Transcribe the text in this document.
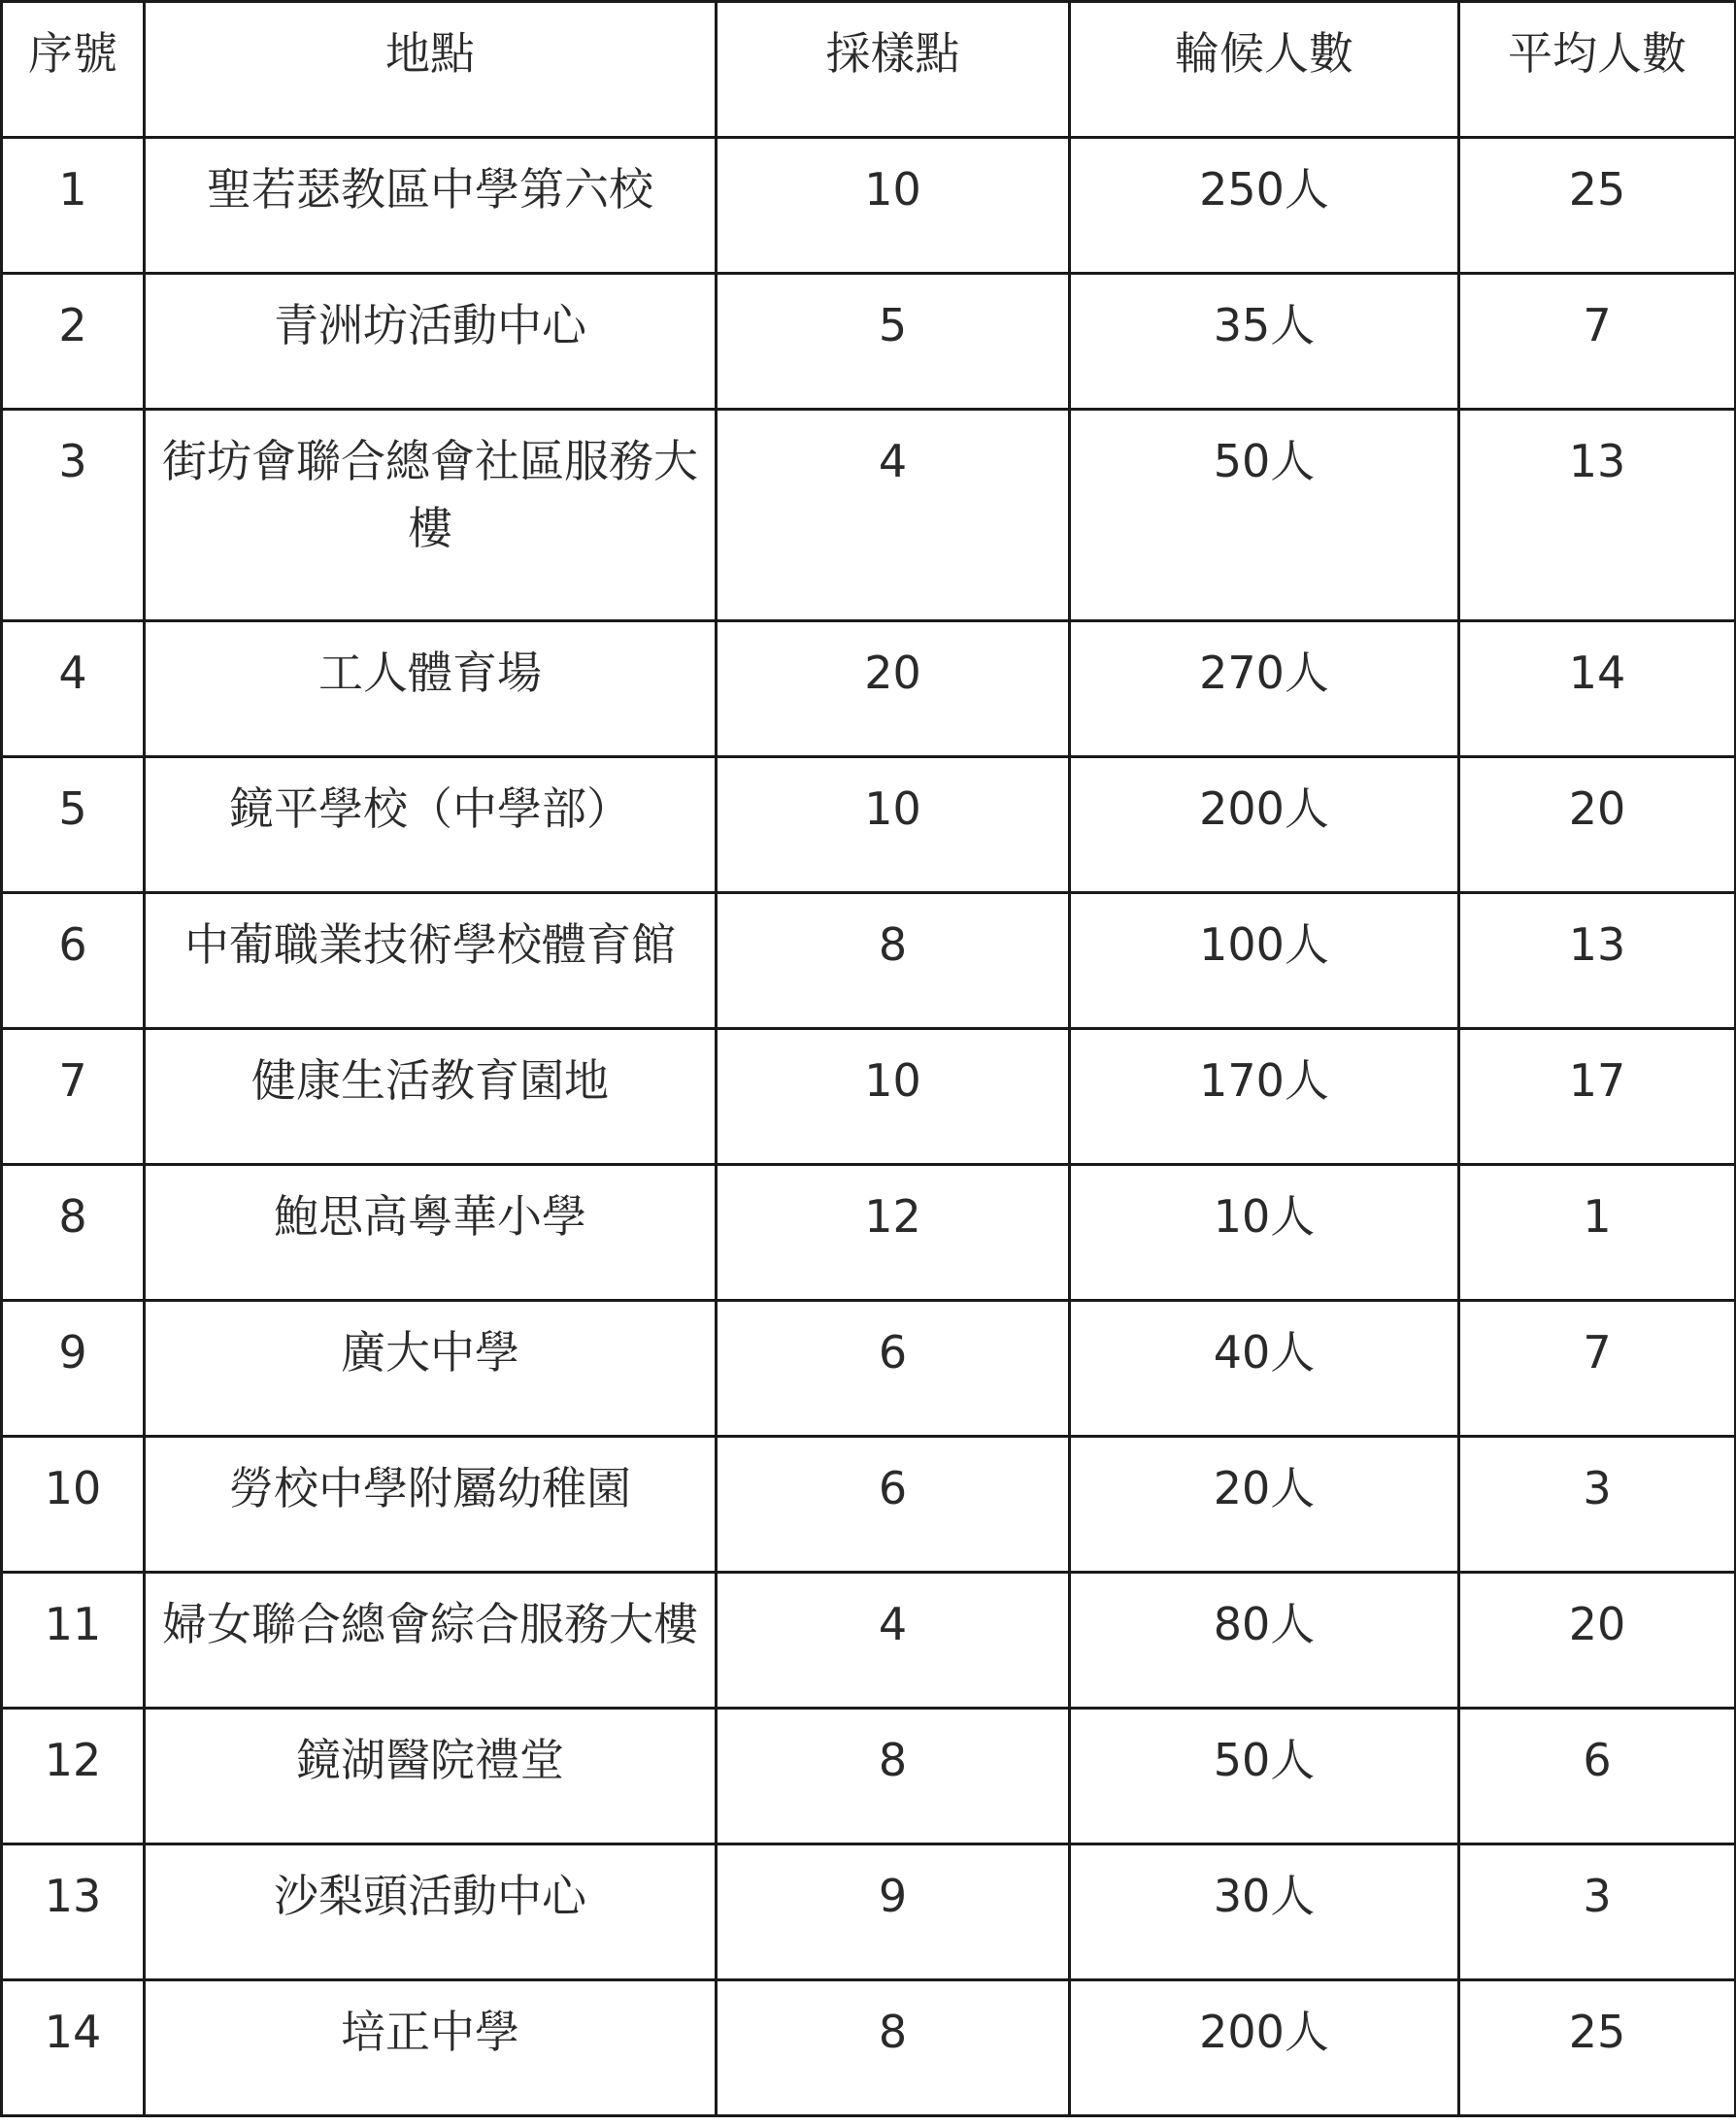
序號	地點	採樣點	輪候人數	平均人數
1	聖若瑟教區中學第六校	10	250人	25
2	青洲坊活動中心	5	35人	7
3	街坊會聯合總會社區服務大樓	4	50人	13
4	工人體育場	20	270人	14
5	鏡平學校（中學部）	10	200人	20
6	中葡職業技術學校體育館	8	100人	13
7	健康生活教育園地	10	170人	17
8	鮑思高粵華小學	12	10人	1
9	廣大中學	6	40人	7
10	勞校中學附屬幼稚園	6	20人	3
11	婦女聯合總會綜合服務大樓	4	80人	20
12	鏡湖醫院禮堂	8	50人	6
13	沙梨頭活動中心	9	30人	3
14	培正中學	8	200人	25
